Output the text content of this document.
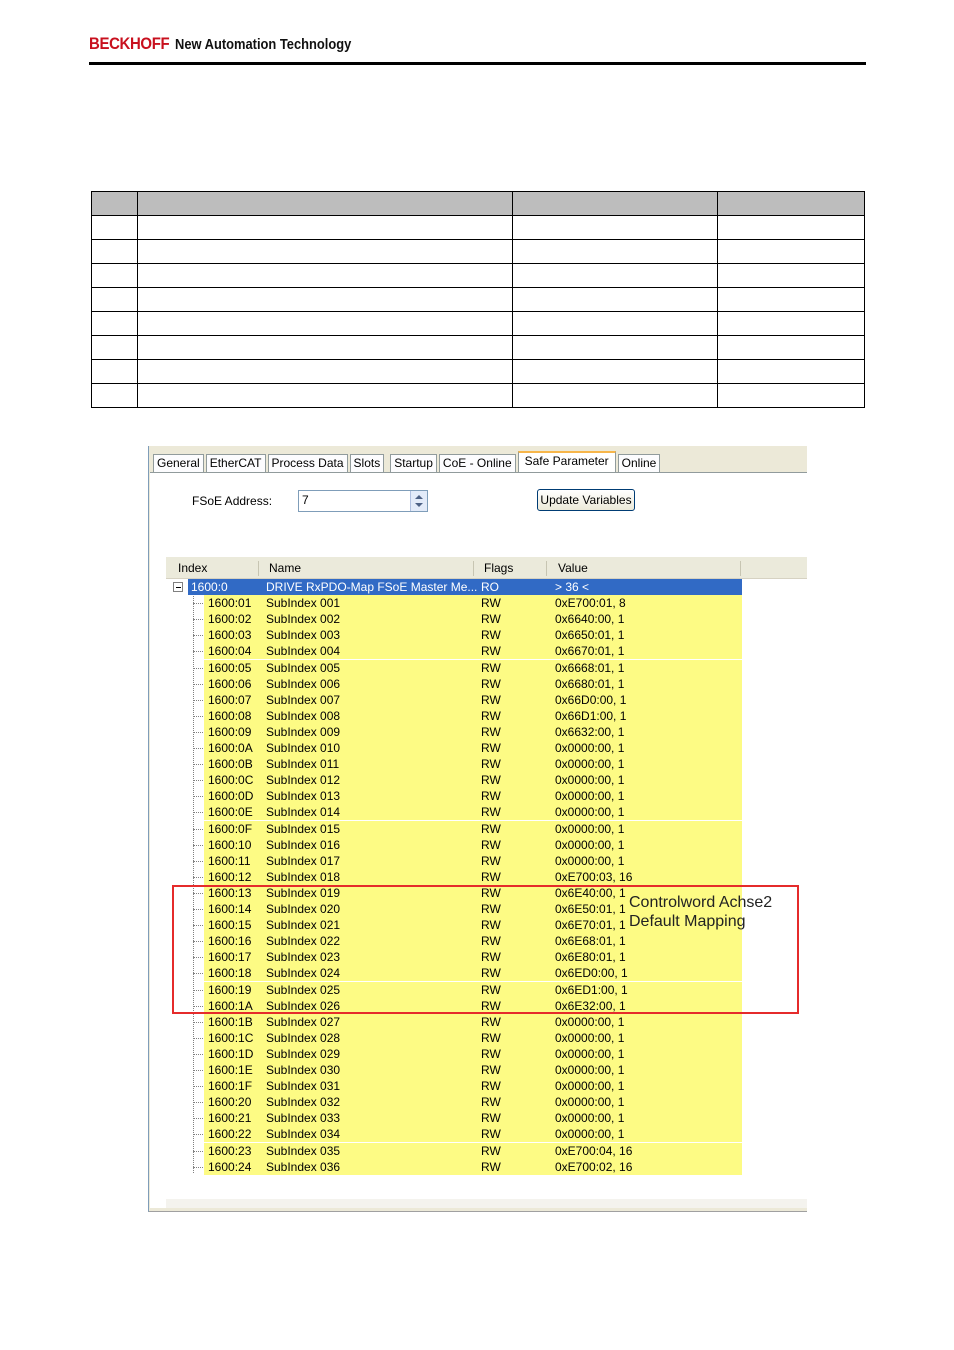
BECKHOFF New Automation Technology

General EtherCAT Process Data Slots	Startup CoE - Online	Safe Parameter	Online
FSoE Address: 7	Update Variables
Index	Name	Flags	Value
1600:0	DRIVE RxPDO-Map FSoE Master Me... RO	> 36 <
1600:01 SubIndex 001	RW	0xE700:01, 8
1600:02 SubIndex 002	RW	0x6640:00, 1
1600:03 SubIndex 003	RW	0x6650:01, 1
1600:04 SubIndex 004	RW	0x6670:01, 1
1600:05 SubIndex 005	RW	0x6668:01, 1
1600:06 SubIndex 006	RW	0x6680:01, 1
1600:07 SubIndex 007	RW	0x66D0:00, 1
1600:08 SubIndex 008	RW	0x66D1:00, 1
1600:09 SubIndex 009	RW	0x6632:00, 1
1600:0A SubIndex 010	RW	0x0000:00, 1
1600:0B SubIndex 011	RW	0x0000:00, 1
1600:0C SubIndex 012	RW	0x0000:00, 1
1600:0D SubIndex 013	RW	0x0000:00, 1
1600:0E SubIndex 014	RW	0x0000:00, 1
1600:0F SubIndex 015	RW	0x0000:00, 1
1600:10 SubIndex 016	RW	0x0000:00, 1
1600:11 SubIndex 017	RW	0x0000:00, 1
1600:12 SubIndex 018	RW	0xE700:03, 16
1600:13 SubIndex 019	RW	0x6E40:00, 1
1600:14 SubIndex 020	RW	0x6E50:01, 1
1600:15 SubIndex 021	RW	0x6E70:01, 1
1600:16 SubIndex 022	RW	0x6E68:01, 1
1600:17 SubIndex 023	RW	0x6E80:01, 1
1600:18 SubIndex 024	RW	0x6ED0:00, 1
1600:19 SubIndex 025	RW	0x6ED1:00, 1
1600:1A SubIndex 026	RW	0x6E32:00, 1
1600:1B SubIndex 027	RW	0x0000:00, 1
1600:1C SubIndex 028	RW	0x0000:00, 1
1600:1D SubIndex 029	RW	0x0000:00, 1
1600:1E SubIndex 030	RW	0x0000:00, 1
1600:1F SubIndex 031	RW	0x0000:00, 1
1600:20 SubIndex 032	RW	0x0000:00, 1
1600:21 SubIndex 033	RW	0x0000:00, 1
1600:22 SubIndex 034	RW	0x0000:00, 1
1600:23 SubIndex 035	RW	0xE700:04, 16
1600:24 SubIndex 036	RW	0xE700:02, 16
Controlword Achse2
Default Mapping
